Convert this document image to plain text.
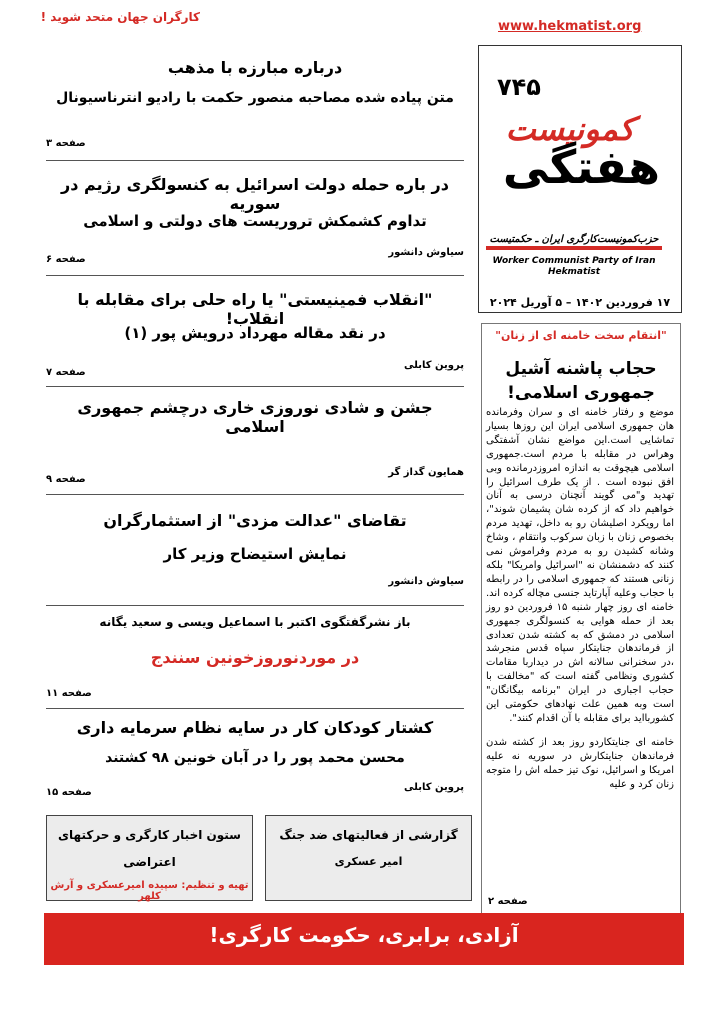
کارگران جهان متحد شوید !
www.hekmatist.org
۷۴۵
کمونیست
هفتگی
حزب‌کمونیست‌کارگری ایران ـ حکمتیست
Worker Communist Party of Iran
Hekmatist
۱۷ فروردین ۱۴۰۲ – ۵ آوریل ۲۰۲۴
درباره مبارزه با مذهب
متن پیاده شده مصاحبه منصور حکمت با رادیو انترناسیونال
صفحه ۳
در باره حمله دولت اسرائیل به کنسولگری رژیم در سوریه
تداوم کشمکش تروریست های دولتی و اسلامی
سیاوش دانشور
صفحه ۶
"انقلاب فمینیستی" یا راه حلی برای مقابله با انقلاب!
در نقد مقاله مهرداد درویش پور (۱)
پروین کابلی
صفحه ۷
جشن و شادی نوروزی خاری درچشم جمهوری اسلامی
همایون گداز گر
صفحه ۹
تقاضای "عدالت مزدی" از استثمارگران
نمایش استیضاح وزیر کار
سیاوش دانشور
باز نشرگفتگوی اکتبر با اسماعیل ویسی و سعید یگانه
در موردنوروزخونین سنندج
صفحه ۱۱
کشتار کودکان کار در سایه نظام سرمایه داری
محسن محمد پور را در آبان خونین ۹۸ کشتند
پروین کابلی
صفحه ۱۵
ستون اخبار کارگری و حرکتهای اعتراضی
تهیه و تنظیم: سپیده امیرعسکری و آرش کلهر
گزارشی از فعالیتهای ضد جنگ
امیر عسکری
"انتقام سخت خامنه ای از زنان"
حجاب پاشنه آشیل جمهوری اسلامی!

موضع و رفتار خامنه ای و سران وفرمانده هان جمهوری اسلامی ایران این روزها بسیار تماشایی است.این مواضع نشان آشفتگی وهراس در مقابله با مردم است.جمهوری اسلامی هیچوقت به اندازه امروزدرمانده وبی افق نبوده است . از یک طرف اسرائیل را تهدید و"می گویند آنچنان درسی به آنان خواهیم داد که از کرده شان پشیمان شوند"، اما رویکرد اصلیشان رو به داخل، تهدید مردم بخصوص زنان با زبان سرکوب وانتقام ، وشاخ وشانه کشیدن رو به مردم وفراموش نمی کنند که دشمنشان نه "اسرائیل وامریکا" بلکه زنانی هستند که جمهوری اسلامی را در رابطه با حجاب وعلیه آپارتاید جنسی مچاله کرده اند. خامنه ای روز چهار شنبه ۱۵ فروردین دو روز بعد از حمله هوایی به کنسولگری جمهوری اسلامی در دمشق که به کشته شدن تعدادی از فرماندهان جنایتکار سپاه قدس منجرشد ،در سخنرانی سالانه اش در دیداربا مقامات کشوری ونظامی گفته است که "مخالفت با حجاب اجباری در ایران "برنامه بیگانگان" است وبه همین علت نهادهای حکومتی این کشوربااید برای مقابله با آن اقدام کنند".

خامنه ای جنایتکاردو روز بعد از کشته شدن فرماندهان جنایتکارش در سوریه نه علیه امریکا و اسرائیل، نوک تیز حمله اش را متوجه زنان کرد و علیه

صفحه ۲
آزادی، برابری، حکومت کارگری!
